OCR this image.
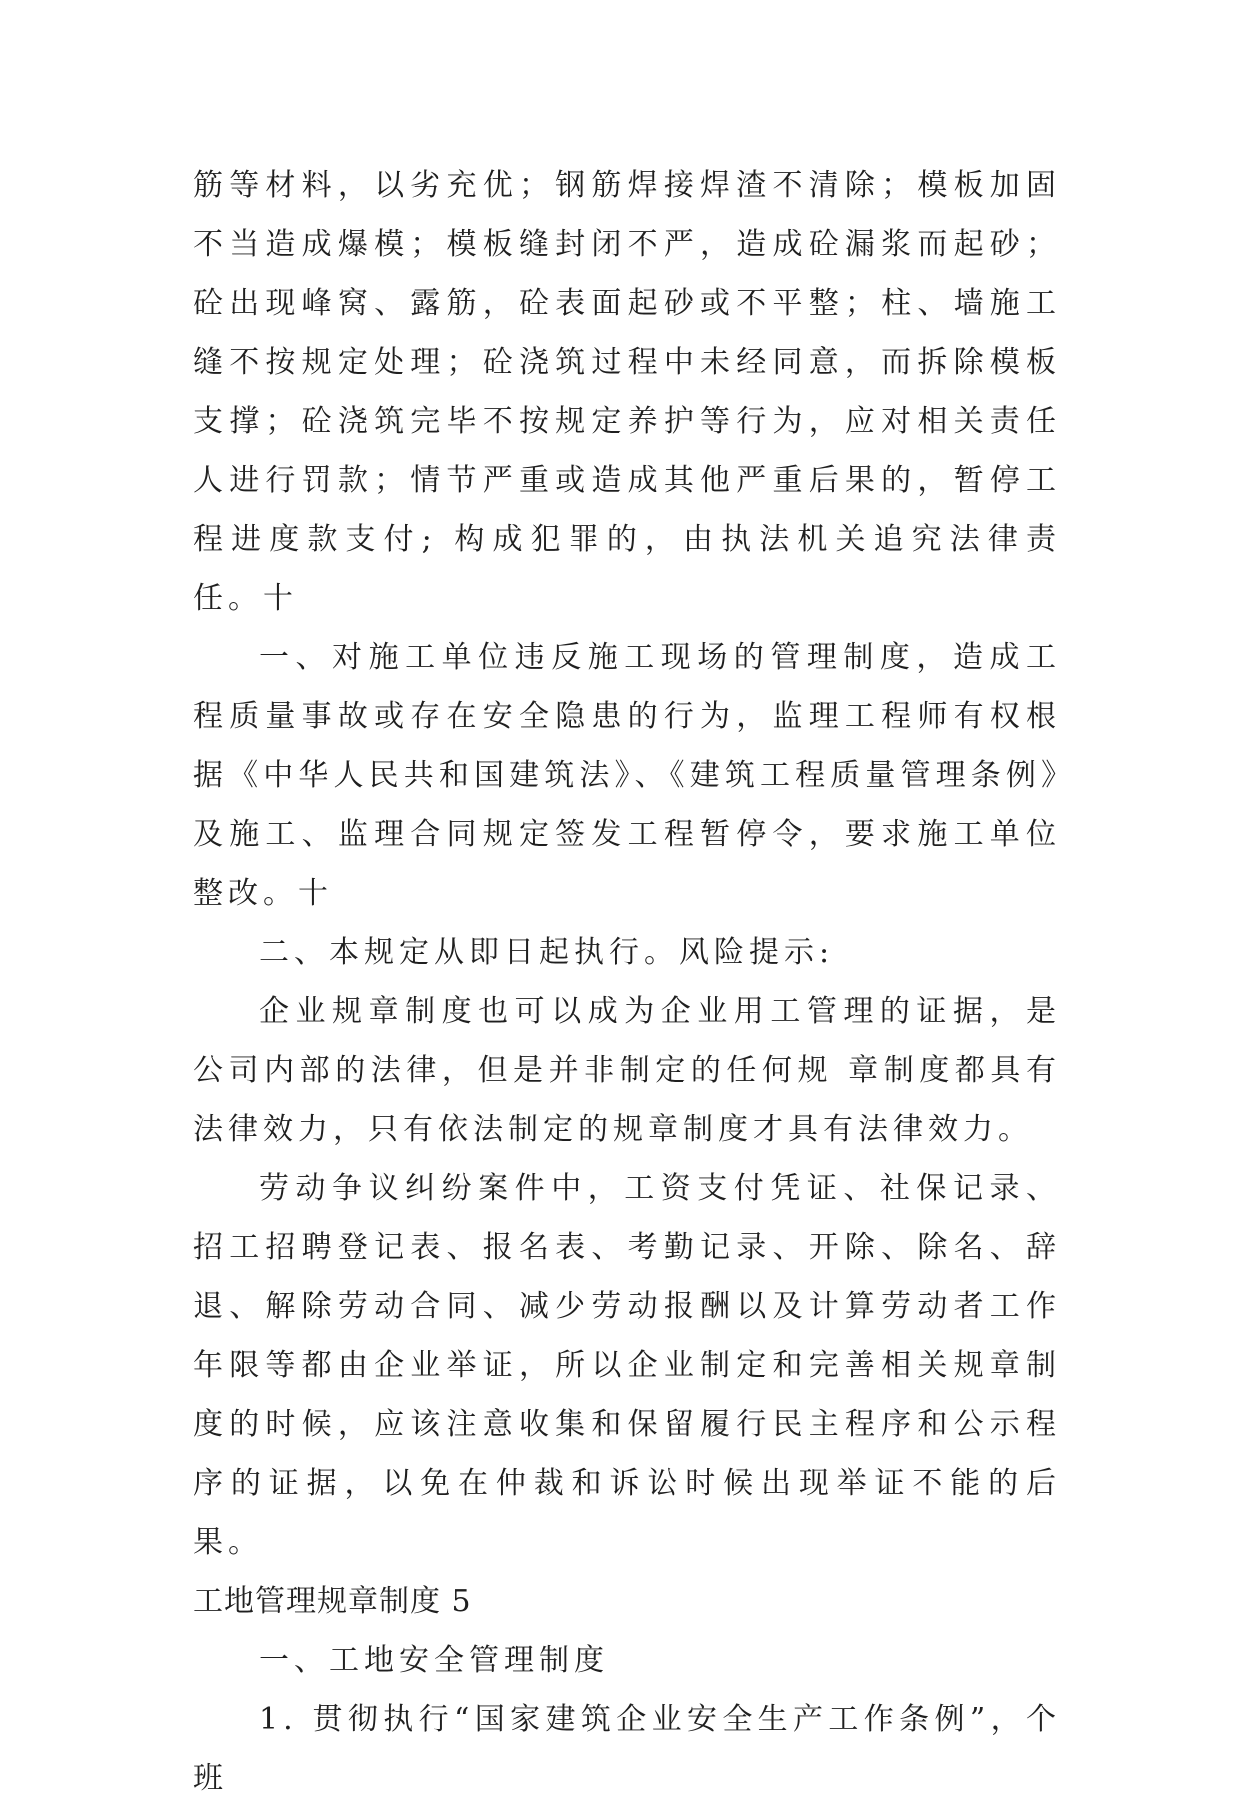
筋等材料，以劣充优；钢筋焊接焊渣不清除；模板加固不当造成爆模；模板缝封闭不严，造成砼漏浆而起砂；砼出现峰窝、露筋，砼表面起砂或不平整；柱、墙施工缝不按规定处理；砼浇筑过程中未经同意，而拆除模板支撑；砼浇筑完毕不按规定养护等行为，应对相关责任人进行罚款；情节严重或造成其他严重后果的，暂停工程进度款支付; 构成犯罪的，由执法机关追究法律责任。十

一、对施工单位违反施工现场的管理制度，造成工程质量事故或存在安全隐患的行为，监理工程师有权根据《中华人民共和国建筑法》、《建筑工程质量管理条例》及施工、监理合同规定签发工程暂停令，要求施工单位整改。十

二、本规定从即日起执行。风险提示:

企业规章制度也可以成为企业用工管理的证据，是公司内部的法律，但是并非制定的任何规 章制度都具有法律效力，只有依法制定的规章制度才具有法律效力。

劳动争议纠纷案件中，工资支付凭证、社保记录、招工招聘登记表、报名表、考勤记录、开除、除名、辞退、解除劳动合同、减少劳动报酬以及计算劳动者工作年限等都由企业举证，所以企业制定和完善相关规章制度的时候，应该注意收集和保留履行民主程序和公示程序的证据，以免在仲裁和诉讼时候出现举证不能的后果。

工地管理规章制度 5

一、工地安全管理制度

1. 贯彻执行“国家建筑企业安全生产工作条例”，个班
